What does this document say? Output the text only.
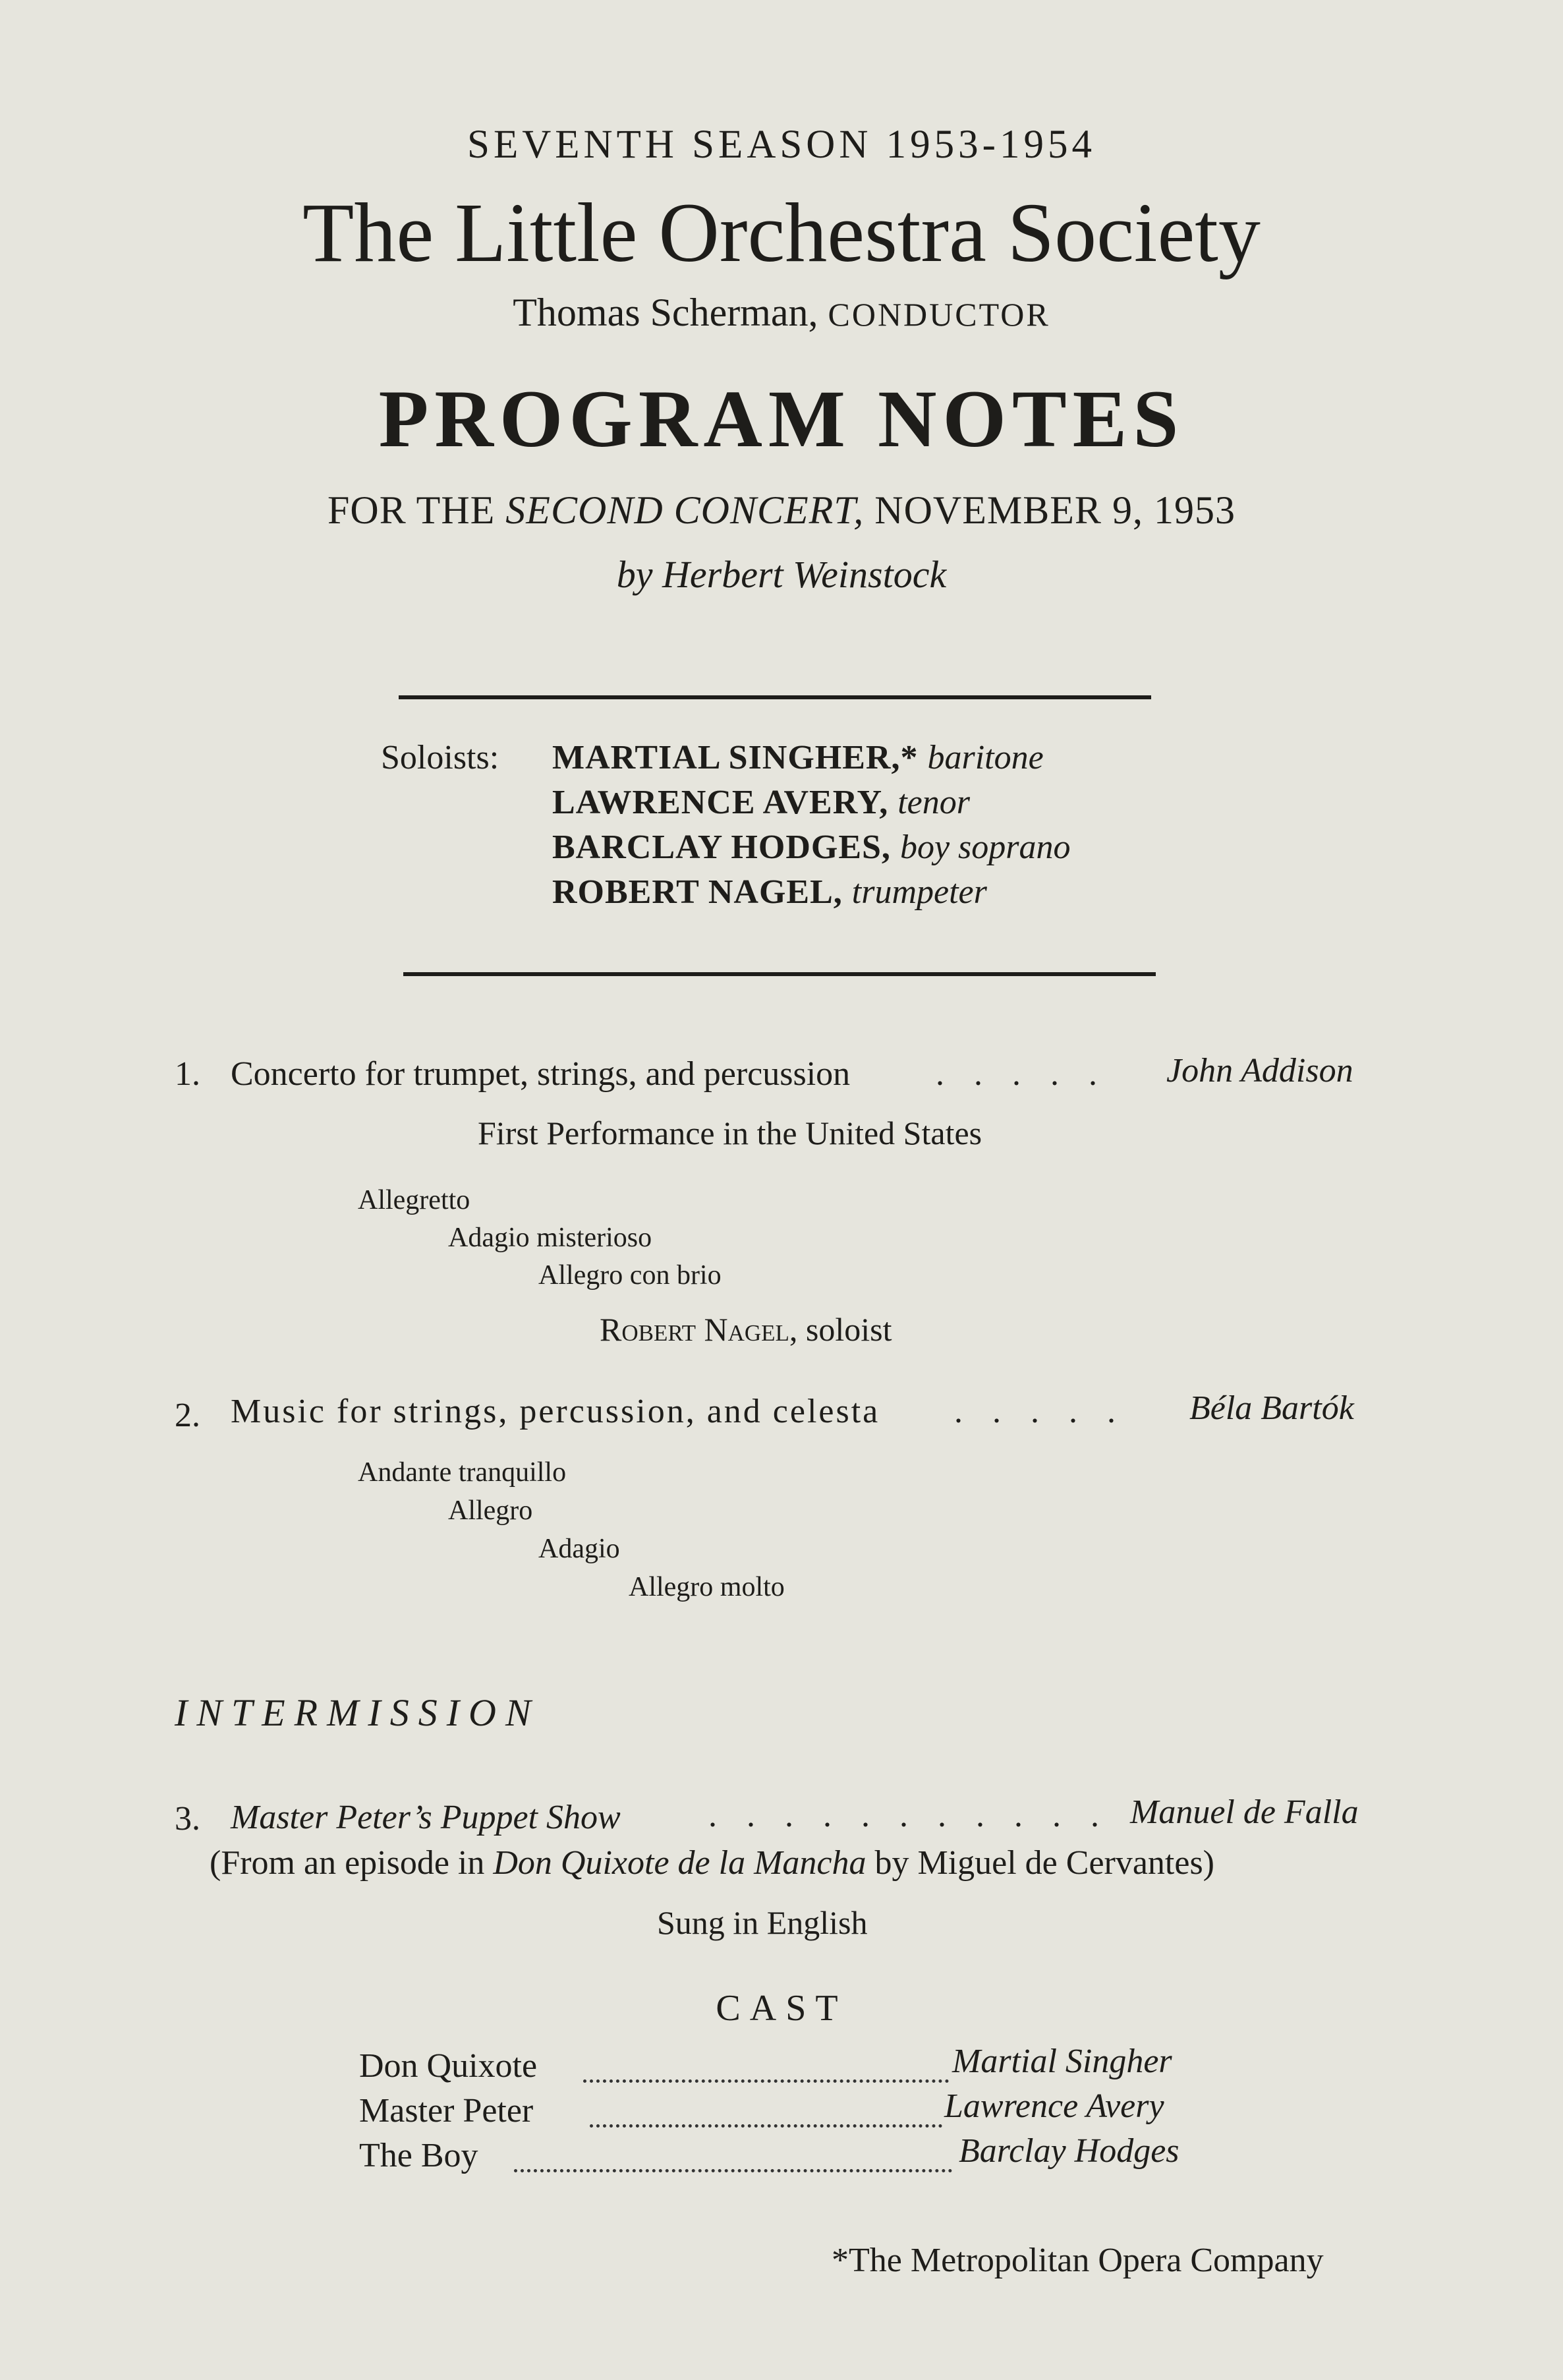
SEVENTH SEASON 1953-1954
The Little Orchestra Society
Thomas Scherman, CONDUCTOR
PROGRAM NOTES
FOR THE SECOND CONCERT, NOVEMBER 9, 1953
by Herbert Weinstock
Soloists: MARTIAL SINGHER,* baritone
LAWRENCE AVERY, tenor
BARCLAY HODGES, boy soprano
ROBERT NAGEL, trumpeter
1. Concerto for trumpet, strings, and percussion . . . . . John Addison
First Performance in the United States
Allegretto
Adagio misterioso
Allegro con brio
Robert Nagel, soloist
2. Music for strings, percussion, and celesta . . . . . Béla Bartók
Andante tranquillo
Allegro
Adagio
Allegro molto
INTERMISSION
3. Master Peter’s Puppet Show	. . . . . . . . . . . Manuel de Falla
(From an episode in Don Quixote de la Mancha by Miguel de Cervantes)
Sung in English
CAST
Don Quixote	Martial Singher
Master Peter	Lawrence Avery
The Boy	Barclay Hodges
*The Metropolitan Opera Company
